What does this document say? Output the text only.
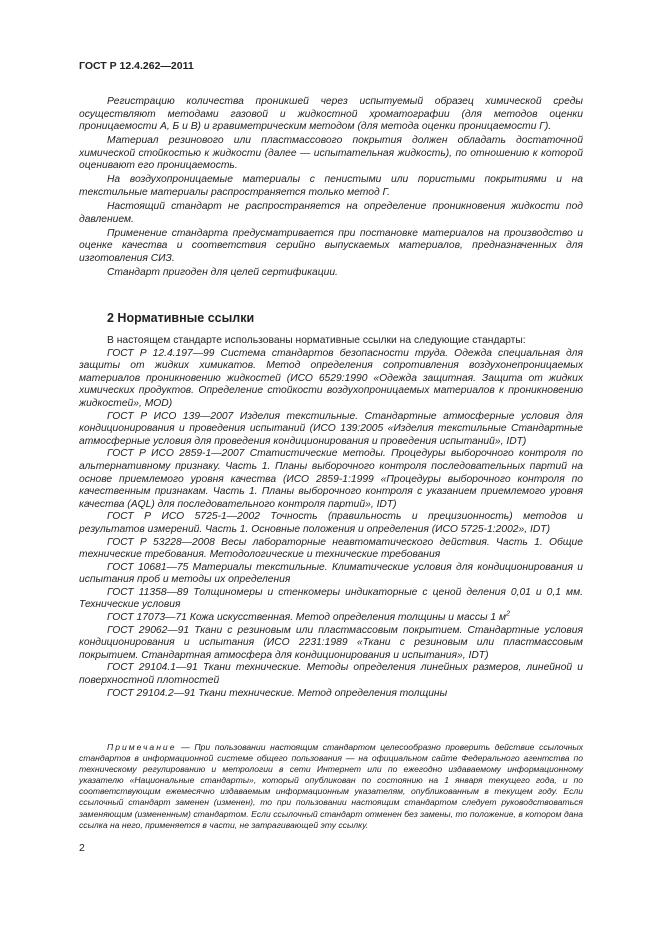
ГОСТ Р 12.4.262—2011

Регистрацию количества проникшей через испытуемый образец химической среды осуществляют методами газовой и жидкостной хроматографии (для методов оценки проницаемости А, Б и В) и гравиметрическим методом (для метода оценки проницаемости Г).

Материал резинового или пластмассового покрытия должен обладать достаточной химической стойкостью к жидкости (далее — испытательная жидкость), по отношению к которой оценивают его проницаемость.

На воздухопроницаемые материалы с пенистыми или пористыми покрытиями и на текстильные материалы распространяется только метод Г.

Настоящий стандарт не распространяется на определение проникновения жидкости под давлением.

Применение стандарта предусматривается при постановке материалов на производство и оценке качества и соответствия серийно выпускаемых материалов, предназначенных для изготовления СИЗ.

Стандарт пригоден для целей сертификации.

2 Нормативные ссылки

В настоящем стандарте использованы нормативные ссылки на следующие стандарты:

ГОСТ Р 12.4.197—99 Система стандартов безопасности труда. Одежда специальная для защиты от жидких химикатов. Метод определения сопротивления воздухонепроницаемых материалов проникновению жидкостей (ИСО 6529:1990 «Одежда защитная. Защита от жидких химических продуктов. Определение стойкости воздухопроницаемых материалов к проникновению жидкостей», MOD)

ГОСТ Р ИСО 139—2007 Изделия текстильные. Стандартные атмосферные условия для кондиционирования и проведения испытаний (ИСО 139:2005 «Изделия текстильные Стандартные атмосферные условия для проведения кондиционирования и проведения испытаний», IDT)

ГОСТ Р ИСО 2859-1—2007 Статистические методы. Процедуры выборочного контроля по альтернативному признаку. Часть 1. Планы выборочного контроля последовательных партий на основе приемлемого уровня качества (ИСО 2859-1:1999 «Процедуры выборочного контроля по качественным признакам. Часть 1. Планы выборочного контроля с указанием приемлемого уровня качества (AQL) для последовательного контроля партий», IDT)

ГОСТ Р ИСО 5725-1—2002 Точность (правильность и прецизионность) методов и результатов измерений. Часть 1. Основные положения и определения (ИСО 5725-1:2002», IDT)

ГОСТ Р 53228—2008 Весы лабораторные неавтоматического действия. Часть 1. Общие технические требования. Методологические и технические требования

ГОСТ 10681—75 Материалы текстильные. Климатические условия для кондиционирования и испытания проб и методы их определения

ГОСТ 11358—89 Толщиномеры и стенкомеры индикаторные с ценой деления 0,01 и 0,1 мм. Технические условия

ГОСТ 17073—71 Кожа искусственная. Метод определения толщины и массы 1 $м^2$

ГОСТ 29062—91 Ткани с резиновым или пластмассовым покрытием. Стандартные условия кондиционирования и испытания (ИСО 2231:1989 «Ткани с резиновым или пластмассовым покрытием. Стандартная атмосфера для кондиционирования и испытания», IDT)

ГОСТ 29104.1—91 Ткани технические. Методы определения линейных размеров, линейной и поверхностной плотностей

ГОСТ 29104.2—91 Ткани технические. Метод определения толщины

Примечание — При пользовании настоящим стандартом целесообразно проверить действие ссылочных стандартов в информационной системе общего пользования — на официальном сайте Федерального агентства по техническому регулированию и метрологии в сети Интернет или по ежегодно издаваемому информационному указателю «Национальные стандарты», который опубликован по состоянию на 1 января текущего года, и по соответствующим ежемесячно издаваемым информационным указателям, опубликованным в текущем году. Если ссылочный стандарт заменен (изменен), то при пользовании настоящим стандартом следует руководствоваться заменяющим (измененным) стандартом. Если ссылочный стандарт отменен без замены, то положение, в котором дана ссылка на него, применяется в части, не затрагивающей эту ссылку.

2
